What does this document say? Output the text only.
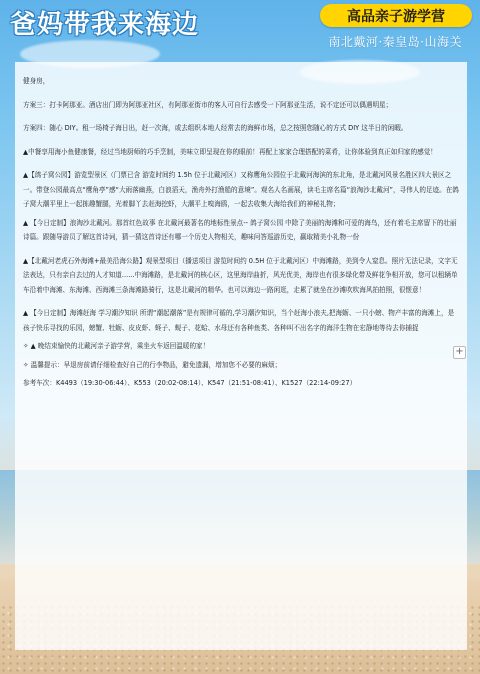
爸妈带我来海边	高品亲子游学营
南北戴河·秦皇岛·山海关

健身房，

方案三：打卡阿那亚。酒店出门即为阿那亚社区，有阿那亚街市的客人可自行去感受一下阿那亚生活，说不定还可以偶遇明星；

方案四：随心 DIY。租一场椅子海日出，赶一次海，或去组织本地人经常去的海鲜市场，总之按照您随心的方式 DIY 这半日的闲暇。

▲中餐享用海小鱼健康餐，经过当地厨师的巧手烹制，美味立即呈现在你的眼前！再配上家家合理搭配的菜肴，让你体验到真正如归家的感觉！

▲【鸽子窝公园】游览型景区（门票已含 游览时间约 1.5h 位于北戴河区）又称鹰角公园位于北戴河海滨的东北角，是北戴河风景名胜区四大景区之一。带登公园最高点“鹰角亭”感“大雨落幽燕，白浪滔天，渔舟外打渔船的意境”。观名人名画展，读毛主席名篇“浪淘沙北戴河”，寻伟人的足迹。在鸽子窝大潮平里上一起拣趣蟹腿，光着脚丫去赶海挖虾，大潮平上嗅海鸥，一起去收集大海给我们的神秘礼物；

▲ 【今日定制】浪淘沙北戴河。那首红色故事 在北戴河最著名的地标性景点-- 鸽子窝公园 中除了美丽的海滩和可爱的海鸟，还有着毛主席留下的壮丽诗篇。跟随导游员了解这首诗词，猜一猜这首诗还有哪一个历史人物相关，趣味问答巡游历史，赢取精美小礼物一份

▲【北戴河老虎石外海滩+最美沿海公路】观景型项目（播送项目 游览时间约 0.5H 位于北戴河区）中海滩路，美到令人窒息。照片无法记录，文字无法表达，只有亲自去过的人才知道......中海滩路，是北戴河的核心区，这里海岸曲折，风光优美，海岸也有很多绿化带及鲜花争相开放，您可以租辆单车沿着中海滩、东海滩、西海滩三条海滩路骑行，这是北戴河的精华。也可以海边一路闲逛，走累了就坐在沙滩吹吹海风拍拍照，很惬意！

▲ 【今日定制】海滩赶海 学习潮汐知识 所谓“潮起潮落”是有规律可循的,学习潮汐知识，当个赶海小浪夫,把海蛎、一只小螃、物产丰富的海滩上，是孩子快乐寻找的乐园，螃蟹、牡蛎、皮皮虾、蛏子、蚬子、花蛤、水母还有各种鱼类、各种叫不出名字的海洋生物在宏静地等待去你捕捉

✧ ▲ 晚结束愉快的北戴河亲子游学营，乘坐火车返回温暖的家！

✧ 温馨提示：早退房前请仔细检查好自己的行李物品，避免遗漏，增加您不必要的麻烦；

参考车次：K4493（19:30-06:44）、K553（20:02-08:14）、K547（21:51-08:41）、K1527（22:14-09:27）

+
